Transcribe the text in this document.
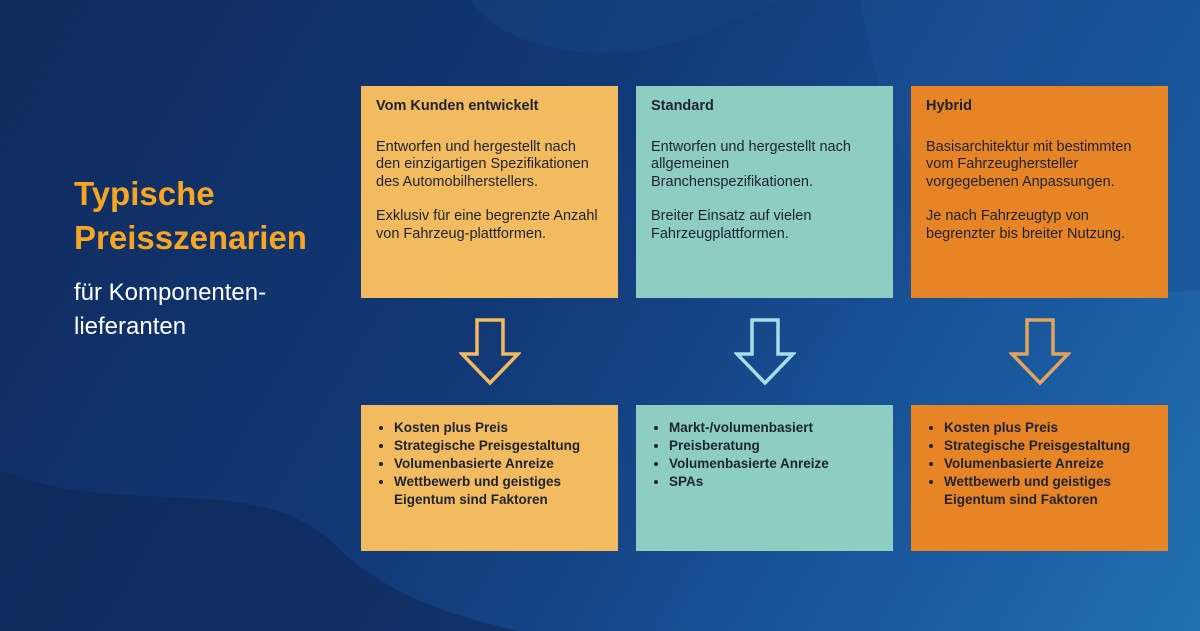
Typische
Preisszenarien
für Komponenten-
lieferanten
Vom Kunden entwickelt
Entworfen und hergestellt nach den einzigartigen Spezifikationen des Automobilherstellers.
Exklusiv für eine begrenzte Anzahl von Fahrzeug-plattformen.
• Kosten plus Preis
• Strategische Preisgestaltung
• Volumenbasierte Anreize
• Wettbewerb und geistiges Eigentum sind Faktoren
Standard
Entworfen und hergestellt nach allgemeinen Branchenspezifikationen.
Breiter Einsatz auf vielen Fahrzeugplattformen.
• Markt-/volumenbasiert
• Preisberatung
• Volumenbasierte Anreize
• SPAs
Hybrid
Basisarchitektur mit bestimmten vom Fahrzeughersteller vorgegebenen Anpassungen.
Je nach Fahrzeugtyp von begrenzter bis breiter Nutzung.
• Kosten plus Preis
• Strategische Preisgestaltung
• Volumenbasierte Anreize
• Wettbewerb und geistiges Eigentum sind Faktoren
